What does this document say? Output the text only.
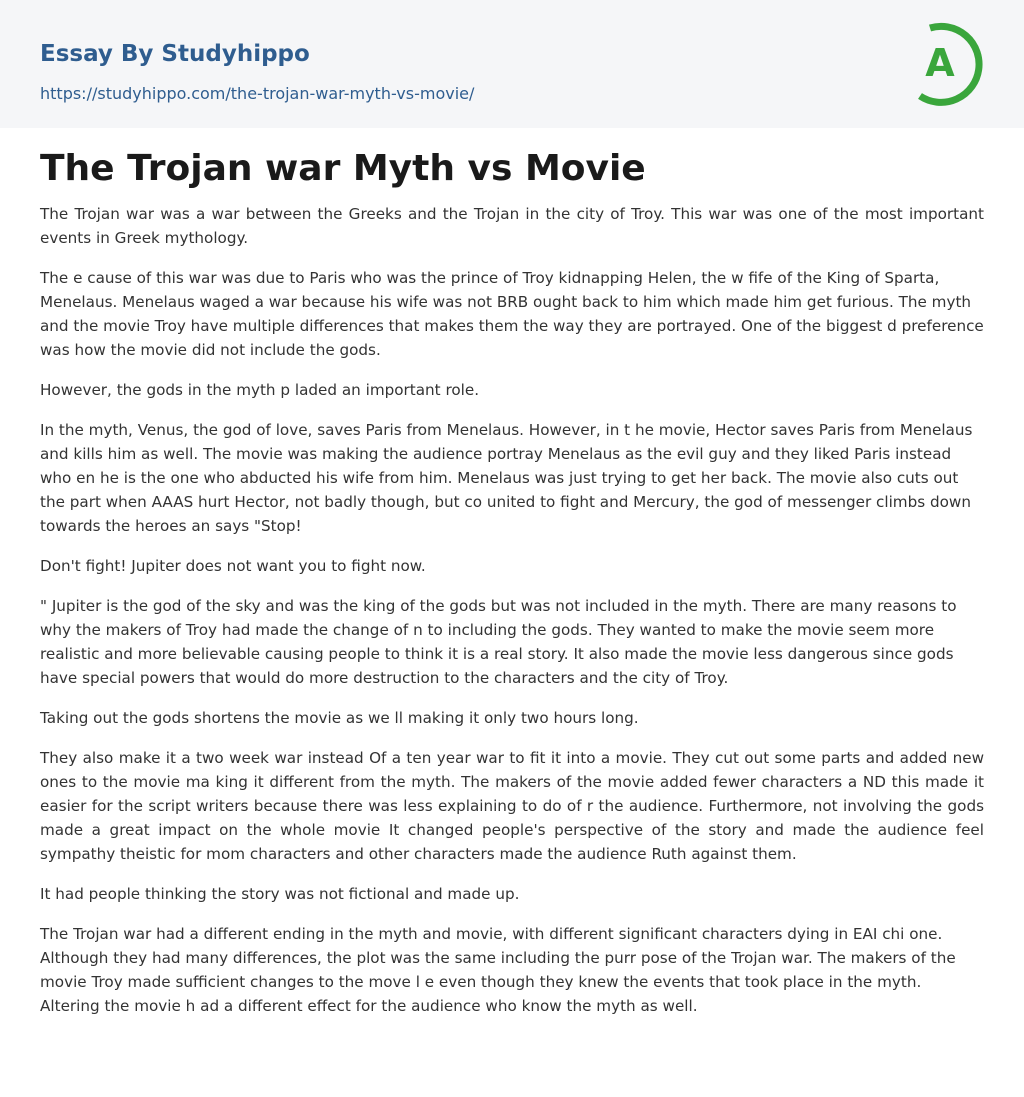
Essay By Studyhippo
https://studyhippo.com/the-trojan-war-myth-vs-movie/
A
The Trojan war Myth vs Movie

The Trojan war was a war between the Greeks and the Trojan in the city of Troy. This war was one of the most important events in Greek mythology.

The e cause of this war was due to Paris who was the prince of Troy kidnapping Helen, the w fife of the King of Sparta, Menelaus. Menelaus waged a war because his wife was not BRB ought back to him which made him get furious. The myth and the movie Troy have multiple differences that makes them the way they are portrayed. One of the biggest d preference was how the movie did not include the gods.

However, the gods in the myth p laded an important role.

In the myth, Venus, the god of love, saves Paris from Menelaus. However, in t he movie, Hector saves Paris from Menelaus and kills him as well. The movie was making the audience portray Menelaus as the evil guy and they liked Paris instead who en he is the one who abducted his wife from him. Menelaus was just trying to get her back. The movie also cuts out the part when AAAS hurt Hector, not badly though, but co united to fight and Mercury, the god of messenger climbs down towards the heroes an says "Stop!

Don't fight! Jupiter does not want you to fight now.

" Jupiter is the god of the sky and was the king of the gods but was not included in the myth. There are many reasons to why the makers of Troy had made the change of n to including the gods. They wanted to make the movie seem more realistic and more believable causing people to think it is a real story. It also made the movie less dangerous since gods have special powers that would do more destruction to the characters and the city of Troy.

Taking out the gods shortens the movie as we ll making it only two hours long.

They also make it a two week war instead Of a ten year war to fit it into a movie. They cut out some parts and added new ones to the movie ma king it different from the myth. The makers of the movie added fewer characters a ND this made it easier for the script writers because there was less explaining to do of r the audience. Furthermore, not involving the gods made a great impact on the whole movie It changed people's perspective of the story and made the audience feel sympathy theistic for mom characters and other characters made the audience Ruth against them.

It had people thinking the story was not fictional and made up.

The Trojan war had a different ending in the myth and movie, with different significant characters dying in EAI chi one. Although they had many differences, the plot was the same including the purr pose of the Trojan war. The makers of the movie Troy made sufficient changes to the move l e even though they knew the events that took place in the myth. Altering the movie h ad a different effect for the audience who know the myth as well.
